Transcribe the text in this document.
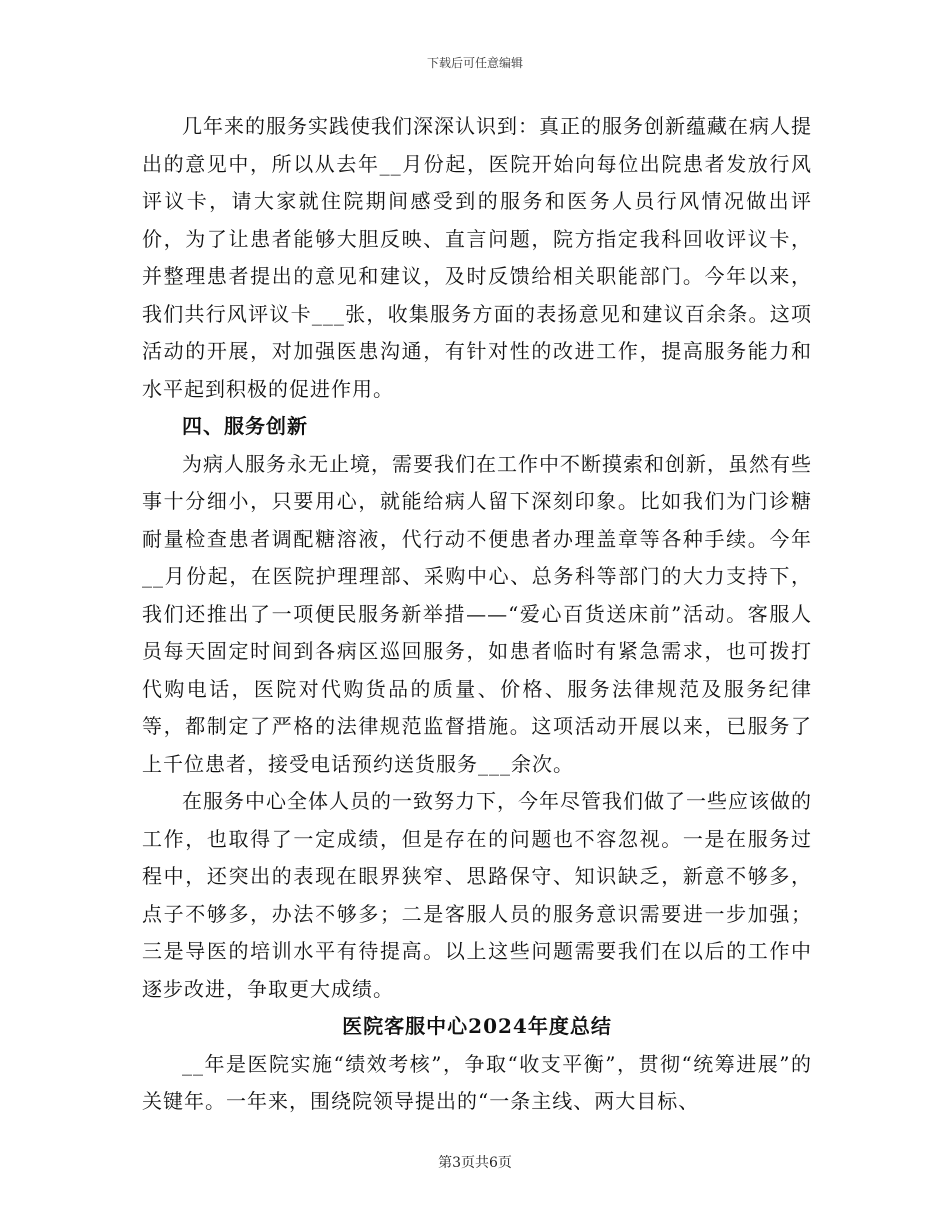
下载后可任意编辑

几年来的服务实践使我们深深认识到：真正的服务创新蕴藏在病人提出的意见中，所以从去年__月份起，医院开始向每位出院患者发放行风评议卡，请大家就住院期间感受到的服务和医务人员行风情况做出评价，为了让患者能够大胆反映、直言问题，院方指定我科回收评议卡，并整理患者提出的意见和建议，及时反馈给相关职能部门。今年以来，我们共行风评议卡___张，收集服务方面的表扬意见和建议百余条。这项活动的开展，对加强医患沟通，有针对性的改进工作，提高服务能力和水平起到积极的促进作用。

四、服务创新

为病人服务永无止境，需要我们在工作中不断摸索和创新，虽然有些事十分细小，只要用心，就能给病人留下深刻印象。比如我们为门诊糖耐量检查患者调配糖溶液，代行动不便患者办理盖章等各种手续。今年__月份起，在医院护理理部、采购中心、总务科等部门的大力支持下，我们还推出了一项便民服务新举措——“爱心百货送床前”活动。客服人员每天固定时间到各病区巡回服务，如患者临时有紧急需求，也可拨打代购电话，医院对代购货品的质量、价格、服务法律规范及服务纪律等，都制定了严格的法律规范监督措施。这项活动开展以来，已服务了上千位患者，接受电话预约送货服务___余次。

在服务中心全体人员的一致努力下，今年尽管我们做了一些应该做的工作，也取得了一定成绩，但是存在的问题也不容忽视。一是在服务过程中，还突出的表现在眼界狭窄、思路保守、知识缺乏，新意不够多，点子不够多，办法不够多；二是客服人员的服务意识需要进一步加强；三是导医的培训水平有待提高。以上这些问题需要我们在以后的工作中逐步改进，争取更大成绩。

医院客服中心2024年度总结

__年是医院实施“绩效考核”，争取“收支平衡”，贯彻“统筹进展”的关键年。一年来，围绕院领导提出的“一条主线、两大目标、

第3页共6页
